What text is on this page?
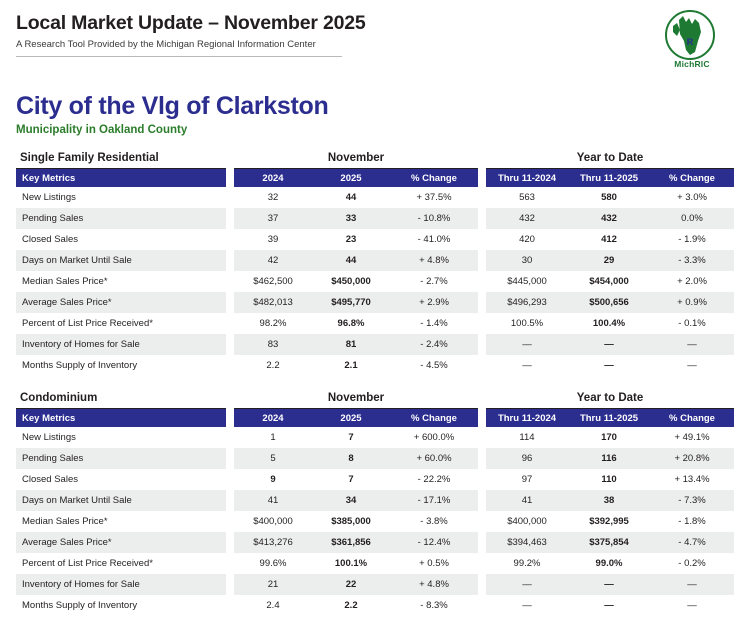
Local Market Update – November 2025
A Research Tool Provided by the Michigan Regional Information Center	R
MichRIC
City of the Vlg of Clarkston
Municipality in Oakland County
Single Family Residential		November				Year to Date		
Key Metrics		2024	2025	% Change		Thru 11-2024	Thru 11-2025	% Change
New Listings		32	44	+ 37.5%		563	580	+ 3.0%
Pending Sales		37	33	- 10.8%		432	432	0.0%
Closed Sales		39	23	- 41.0%		420	412	- 1.9%
Days on Market Until Sale		42	44	+ 4.8%		30	29	- 3.3%
Median Sales Price*		$462,500	$450,000	- 2.7%		$445,000	$454,000	+ 2.0%
Average Sales Price*		$482,013	$495,770	+ 2.9%		$496,293	$500,656	+ 0.9%
Percent of List Price Received*		98.2%	96.8%	- 1.4%		100.5%	100.4%	- 0.1%
Inventory of Homes for Sale		83	81	- 2.4%		—	—	—
Months Supply of Inventory		2.2	2.1	- 4.5%		—	—	—
Condominium		November				Year to Date		
Key Metrics		2024	2025	% Change		Thru 11-2024	Thru 11-2025	% Change
New Listings		1	7	+ 600.0%		114	170	+ 49.1%
Pending Sales		5	8	+ 60.0%		96	116	+ 20.8%
Closed Sales		9	7	- 22.2%		97	110	+ 13.4%
Days on Market Until Sale		41	34	- 17.1%		41	38	- 7.3%
Median Sales Price*		$400,000	$385,000	- 3.8%		$400,000	$392,995	- 1.8%
Average Sales Price*		$413,276	$361,856	- 12.4%		$394,463	$375,854	- 4.7%
Percent of List Price Received*		99.6%	100.1%	+ 0.5%		99.2%	99.0%	- 0.2%
Inventory of Homes for Sale		21	22	+ 4.8%		—	—	—
Months Supply of Inventory		2.4	2.2	- 8.3%		—	—	—
